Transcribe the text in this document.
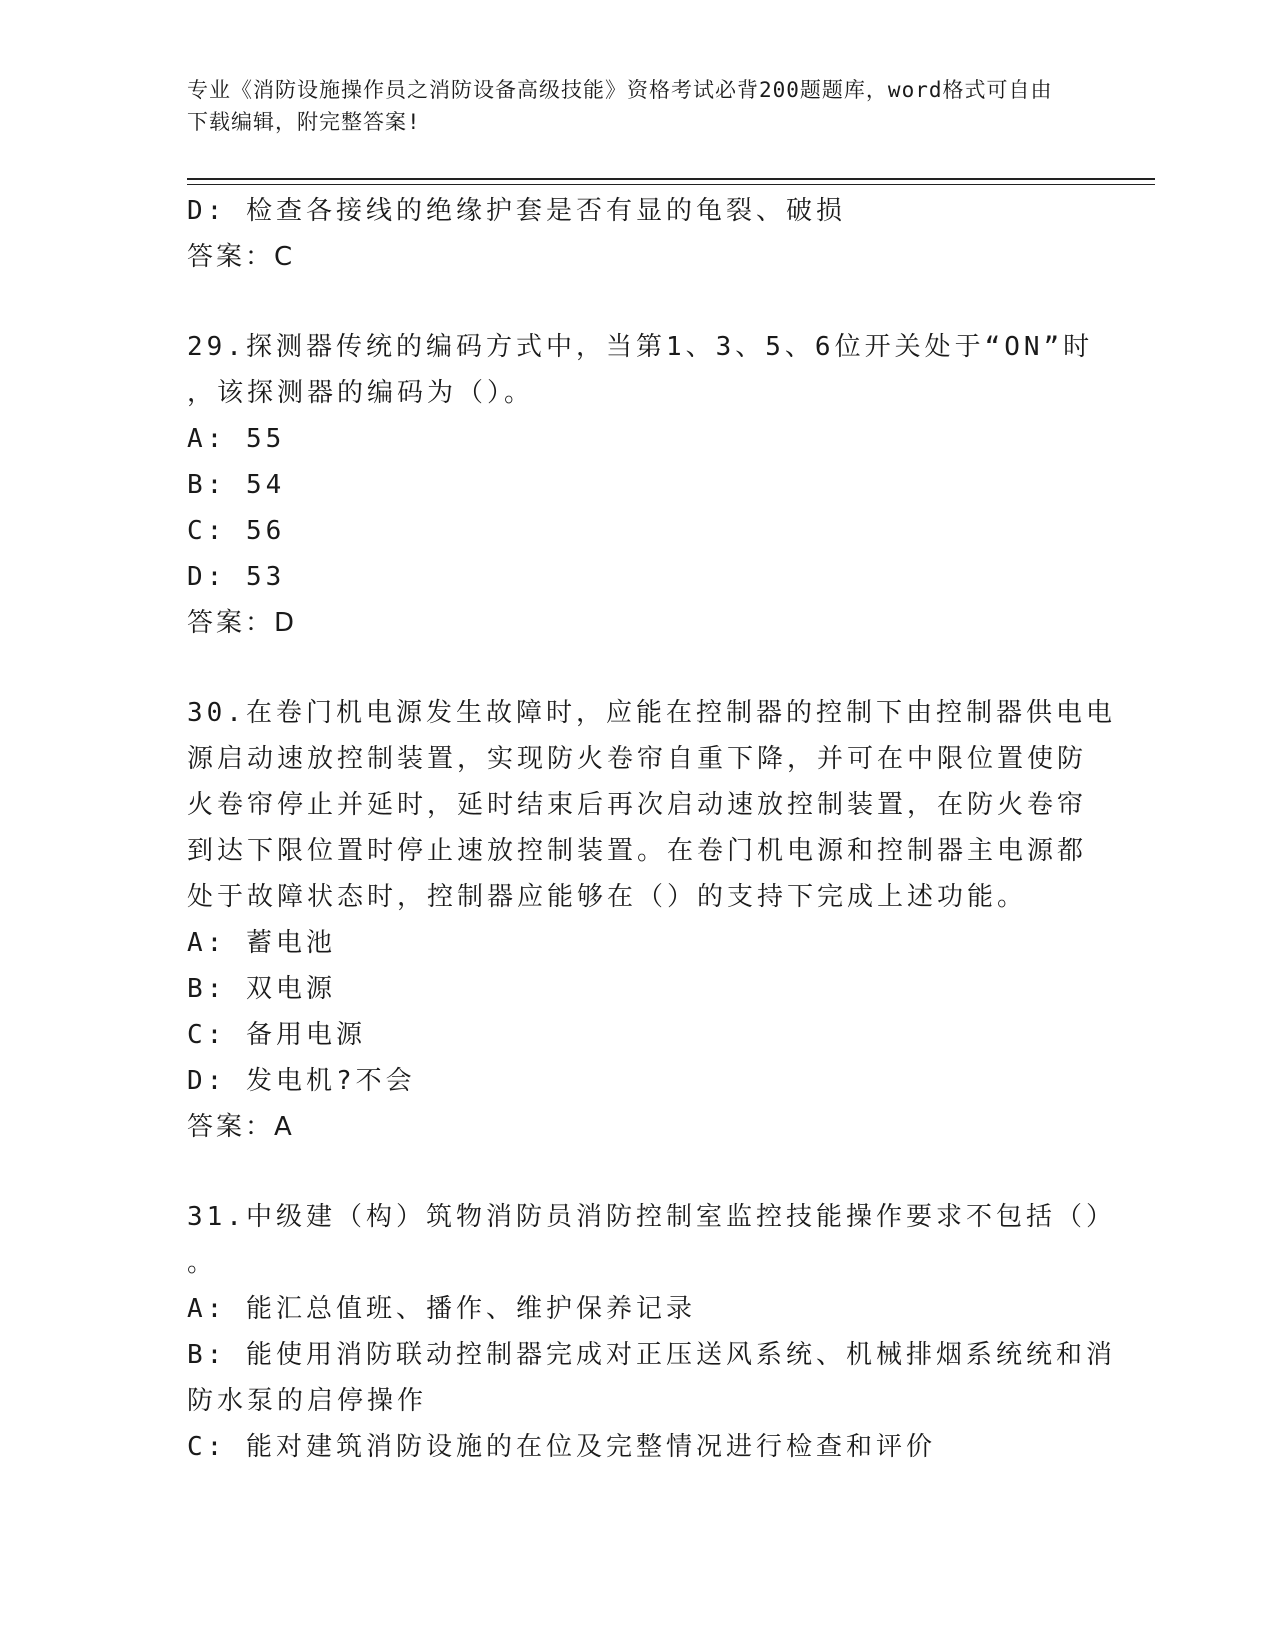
专业《消防设施操作员之消防设备高级技能》资格考试必背200题题库，word格式可自由下载编辑，附完整答案!
D: 检查各接线的绝缘护套是否有显的龟裂、破损
答案：C
29.探测器传统的编码方式中，当第1、3、5、6位开关处于“ON”时
，该探测器的编码为（）。
A: 55
B: 54
C: 56
D: 53
答案：D
30.在卷门机电源发生故障时，应能在控制器的控制下由控制器供电电
源启动速放控制装置，实现防火卷帘自重下降，并可在中限位置使防
火卷帘停止并延时，延时结束后再次启动速放控制装置，在防火卷帘
到达下限位置时停止速放控制装置。在卷门机电源和控制器主电源都
处于故障状态时，控制器应能够在（）的支持下完成上述功能。
A: 蓄电池
B: 双电源
C: 备用电源
D: 发电机?不会
答案：A
31.中级建（构）筑物消防员消防控制室监控技能操作要求不包括（）
。
A: 能汇总值班、播作、维护保养记录
B: 能使用消防联动控制器完成对正压送风系统、机械排烟系统统和消
防水泵的启停操作
C: 能对建筑消防设施的在位及完整情况进行检查和评价
